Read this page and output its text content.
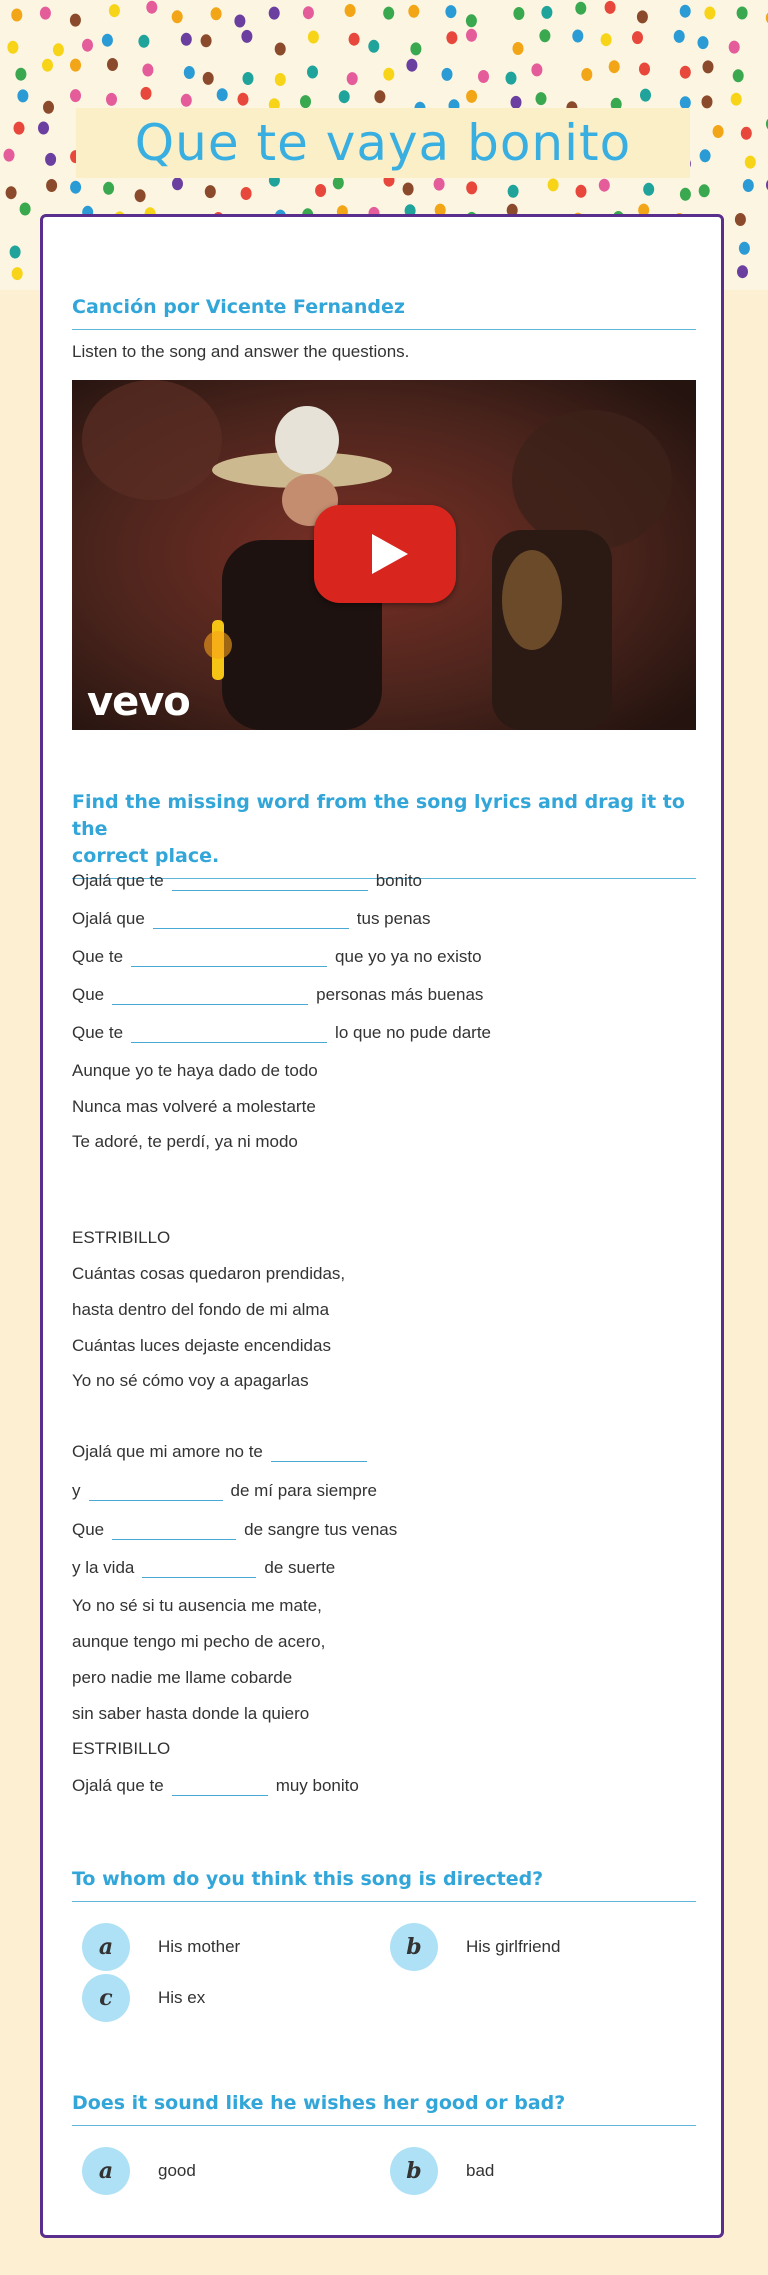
Que te vaya bonito
Canción por Vicente Fernandez
Listen to the song and answer the questions.
vevo
Find the missing word from the song lyrics and drag it to the
correct place.
Ojalá que te	bonito
Ojalá que	tus penas
Que te	que yo ya no existo
Que	personas más buenas
Que te	lo que no pude darte
Aunque yo te haya dado de todo
Nunca mas volveré a molestarte
Te adoré, te perdí, ya ni modo
ESTRIBILLO
Cuántas cosas quedaron prendidas,
hasta dentro del fondo de mi alma
Cuántas luces dejaste encendidas
Yo no sé cómo voy a apagarlas
Ojalá que mi amore no te
y	de mí para siempre
Que	de sangre tus venas
y la vida	de suerte
Yo no sé si tu ausencia me mate,
aunque tengo mi pecho de acero,
pero nadie me llame cobarde
sin saber hasta donde la quiero
ESTRIBILLO
Ojalá que te	muy bonito
To whom do you think this song is directed?
a	His mother	b	His girlfriend
c	His ex
Does it sound like he wishes her good or bad?
a	good	b	bad
